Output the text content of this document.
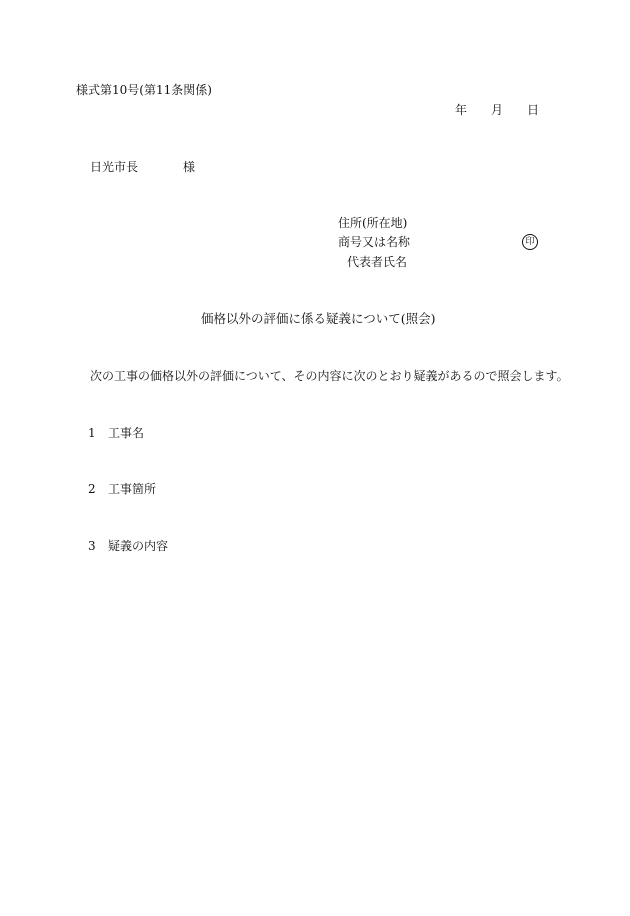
様式第10号(第11条関係)
年 月 日
日光市長	様
住所(所在地)
商号又は名称
代表者氏名
印
価格以外の評価に係る疑義について(照会)
次の工事の価格以外の評価について、その内容に次のとおり疑義があるので照会します。
1 工事名
2 工事箇所
3 疑義の内容
